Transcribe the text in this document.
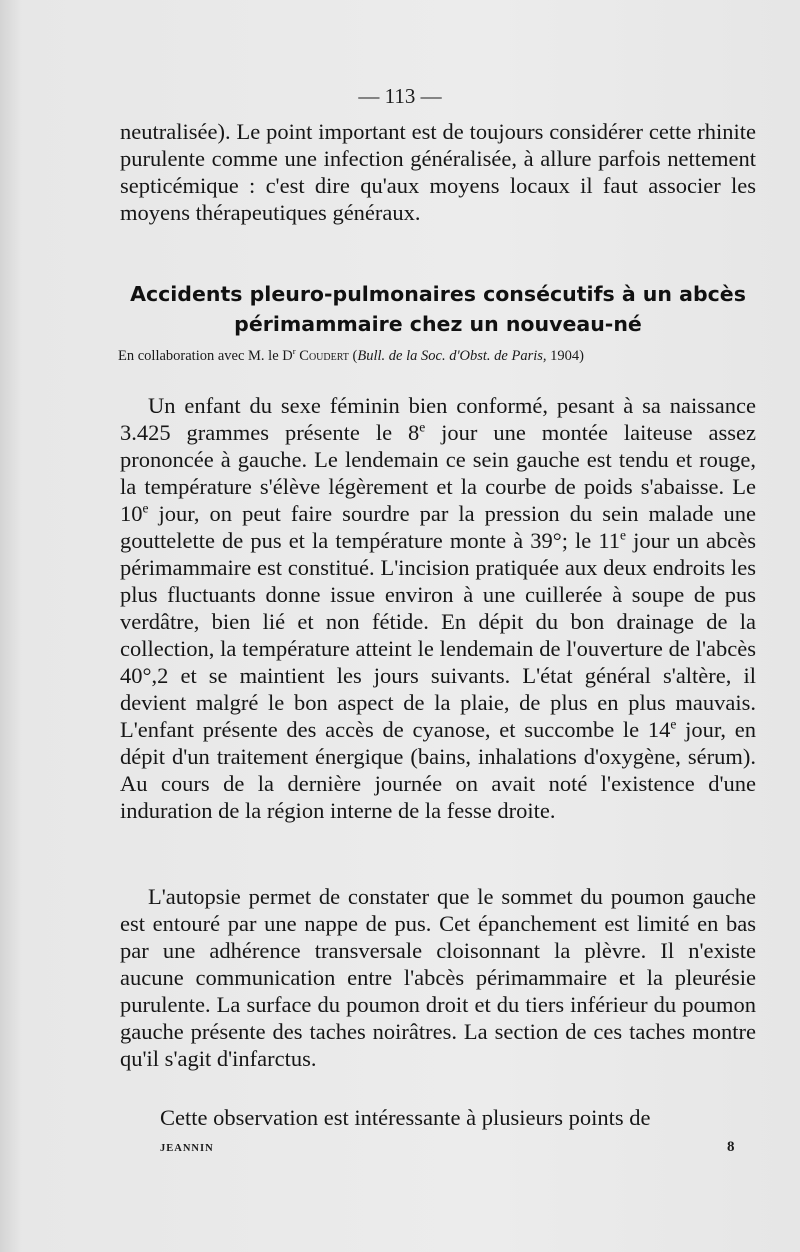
— 113 —

neutralisée). Le point important est de toujours considérer cette rhinite purulente comme une infection généralisée, à allure parfois nettement septicémique : c'est dire qu'aux moyens locaux il faut associer les moyens thérapeutiques généraux.

Accidents pleuro-pulmonaires consécutifs à un abcès périmammaire chez un nouveau-né
En collaboration avec M. le $D^r$ Coudert (Bull. de la Soc. d'Obst. de Paris, 1904)

Un enfant du sexe féminin bien conformé, pesant à sa naissance 3.425 grammes présente le 8e jour une montée laiteuse assez prononcée à gauche. Le lendemain ce sein gauche est tendu et rouge, la température s'élève légèrement et la courbe de poids s'abaisse. Le 10e jour, on peut faire sourdre par la pression du sein malade une gouttelette de pus et la température monte à 39°; le 11e jour un abcès périmammaire est constitué. L'incision pratiquée aux deux endroits les plus fluctuants donne issue environ à une cuillerée à soupe de pus verdâtre, bien lié et non fétide. En dépit du bon drainage de la collection, la température atteint le lendemain de l'ouverture de l'abcès 40°,2 et se maintient les jours suivants. L'état général s'altère, il devient malgré le bon aspect de la plaie, de plus en plus mauvais. L'enfant présente des accès de cyanose, et succombe le 14e jour, en dépit d'un traitement énergique (bains, inhalations d'oxygène, sérum). Au cours de la dernière journée on avait noté l'existence d'une induration de la région interne de la fesse droite.

L'autopsie permet de constater que le sommet du poumon gauche est entouré par une nappe de pus. Cet épanchement est limité en bas par une adhérence transversale cloisonnant la plèvre. Il n'existe aucune communication entre l'abcès périmammaire et la pleurésie purulente. La surface du poumon droit et du tiers inférieur du poumon gauche présente des taches noirâtres. La section de ces taches montre qu'il s'agit d'infarctus.

Cette observation est intéressante à plusieurs points de

JEANNIN	8
